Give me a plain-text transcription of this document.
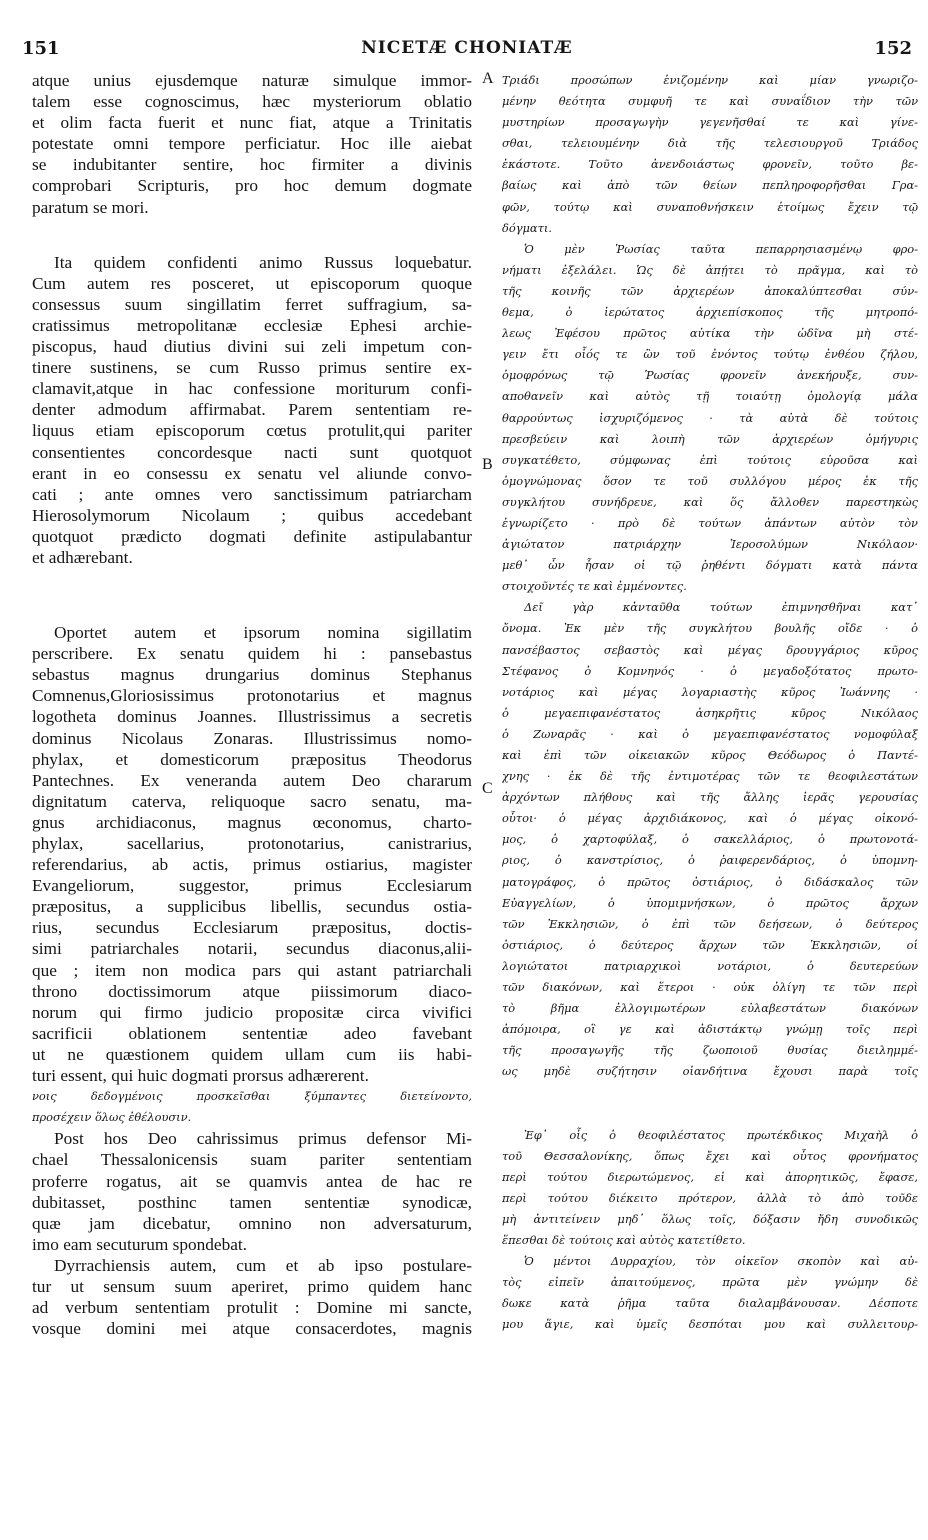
151	NICETÆ CHONIATÆ	152
A
B
C
atque unius ejusdemque naturæ simulque immor-
talem esse cognoscimus, hæc mysteriorum oblatio
et olim facta fuerit et nunc fiat, atque a Trinitatis
potestate omni tempore perficiatur. Hoc ille aiebat
se indubitanter sentire, hoc firmiter a divinis
comprobari Scripturis, pro hoc demum dogmate
paratum se mori.
Ita quidem confidenti animo Russus loquebatur.
Cum autem res posceret, ut episcoporum quoque
consessus suum singillatim ferret suffragium, sa-
cratissimus metropolitanæ ecclesiæ Ephesi archie-
piscopus, haud diutius divini sui zeli impetum con-
tinere sustinens, se cum Russo primus sentire ex-
clamavit,atque in hac confessione moriturum confi-
denter admodum affirmabat. Parem sententiam re-
liquus etiam episcoporum cœtus protulit,qui pariter
consentientes concordesque nacti sunt quotquot
erant in eo consessu ex senatu vel aliunde convo-
cati ; ante omnes vero sanctissimum patriarcham
Hierosolymorum Nicolaum ; quibus accedebant
quotquot prædicto dogmati definite astipulabantur
et adhærebant.
Oportet autem et ipsorum nomina sigillatim
perscribere. Ex senatu quidem hi : pansebastus
sebastus magnus drungarius dominus Stephanus
Comnenus,Gloriosissimus protonotarius et magnus
logotheta dominus Joannes. Illustrissimus a secretis
dominus Nicolaus Zonaras. Illustrissimus nomo-
phylax, et domesticorum præpositus Theodorus
Pantechnes. Ex veneranda autem Deo chararum
dignitatum caterva, reliquoque sacro senatu, ma-
gnus archidiaconus, magnus œconomus, charto-
phylax, sacellarius, protonotarius, canistrarius,
referendarius, ab actis, primus ostiarius, magister
Evangeliorum, suggestor, primus Ecclesiarum
præpositus, a supplicibus libellis, secundus ostia-
rius, secundus Ecclesiarum præpositus, doctis-
simi patriarchales notarii, secundus diaconus,alii-
que ; item non modica pars qui astant patriarchali
throno doctissimorum atque piissimorum diaco-
norum qui firmo judicio propositæ circa vivifici
sacrificii oblationem sententiæ adeo favebant
ut ne quæstionem quidem ullam cum iis habi-
turi essent, qui huic dogmati prorsus adhærerent.
νοις δεδογμένοις προσκεῖσθαι ξύμπαντες διετείνοντο,
προσέχειν ὅλως ἐθέλουσιν.
Post hos Deo cahrissimus primus defensor Mi-
chael Thessalonicensis suam pariter sententiam
proferre rogatus, ait se quamvis antea de hac re
dubitasset, posthinc tamen sententiæ synodicæ,
quæ jam dicebatur, omnino non adversaturum,
imo eam secuturum spondebat.
Dyrrachiensis autem, cum et ab ipso postulare-
tur ut sensum suum aperiret, primo quidem hanc
ad verbum sententiam protulit : Domine mi sancte,
vosque domini mei atque consacerdotes, magnis
Τριάδι προσώπων ἑνιζομένην καὶ μίαν γνωριζο-
μένην θεότητα συμφυῆ τε καὶ συναΐδιον τὴν τῶν
μυστηρίων προσαγωγὴν γεγενῆσθαί τε καὶ γίνε-
σθαι, τελειουμένην διὰ τῆς τελεσιουργοῦ Τριάδος
ἑκάστοτε. Τοῦτο ἀνενδοιάστως φρονεῖν, τοῦτο βε-
βαίως καὶ ἀπὸ τῶν θείων πεπληροφορῆσθαι Γρα-
φῶν, τούτῳ καὶ συναποθνήσκειν ἑτοίμως ἔχειν τῷ
δόγματι.
Ὁ μὲν Ῥωσίας ταῦτα πεπαρρησιασμένῳ φρο-
νήματι ἐξελάλει. Ὡς δὲ ἀπῄτει τὸ πρᾶγμα, καὶ τὸ
τῆς κοινῆς τῶν ἀρχιερέων ἀποκαλύπτεσθαι σύν-
θεμα, ὁ ἱερώτατος ἀρχιεπίσκοπος τῆς μητροπό-
λεως Ἐφέσου πρῶτος αὐτίκα τὴν ὠδῖνα μὴ στέ-
γειν ἔτι οἷός τε ὢν τοῦ ἐνόντος τούτῳ ἐνθέου ζήλου,
ὁμοφρόνως τῷ Ῥωσίας φρονεῖν ἀνεκήρυξε, συν-
αποθανεῖν καὶ αὐτὸς τῇ τοιαύτῃ ὁμολογίᾳ μάλα
θαρρούντως ἰσχυριζόμενος · τὰ αὐτὰ δὲ τούτοις
πρεσβεύειν καὶ λοιπὴ τῶν ἀρχιερέων ὁμήγυρις
συγκατέθετο, σύμφωνας ἐπὶ τούτοις εὑροῦσα καὶ
ὁμογνώμονας ὅσον τε τοῦ συλλόγου μέρος ἐκ τῆς
συγκλήτου συνήδρευε, καὶ ὅς ἄλλοθεν παρεστηκὼς
ἐγνωρίζετο · πρὸ δὲ τούτων ἁπάντων αὐτὸν τὸν
ἁγιώτατον πατριάρχην Ἱεροσολύμων Νικόλαον·
μεθ᾽ ὧν ἦσαν οἱ τῷ ῥηθέντι δόγματι κατὰ πάντα
στοιχοῦντές τε καὶ ἐμμένοντες.
Δεῖ γὰρ κἀνταῦθα τούτων ἐπιμνησθῆναι κατ᾽
ὄνομα. Ἐκ μὲν τῆς συγκλήτου βουλῆς οἴδε · ὁ
πανσέβαστος σεβαστὸς καὶ μέγας δρουγγάριος κῦρος
Στέφανος ὁ Κομνηνός · ὁ μεγαδοξότατος πρωτο-
νοτάριος καὶ μέγας λογαριαστὴς κῦρος Ἰωάννης ·
ὁ μεγαεπιφανέστατος ἀσηκρῆτις κῦρος Νικόλαος
ὁ Ζωναρᾶς · καὶ ὁ μεγαεπιφανέστατος νομοφύλαξ
καὶ ἐπὶ τῶν οἰκειακῶν κῦρος Θεόδωρος ὁ Παντέ-
χνης · ἐκ δὲ τῆς ἐντιμοτέρας τῶν τε θεοφιλεστάτων
ἀρχόντων πλήθους καὶ τῆς ἄλλης ἱερᾶς γερουσίας
οὗτοι· ὁ μέγας ἀρχιδιάκονος, καὶ ὁ μέγας οἰκονό-
μος, ὁ χαρτοφύλαξ, ὁ σακελλάριος, ὁ πρωτονοτά-
ριος, ὁ κανστρίσιος, ὁ ῥαιφερενδάριος, ὁ ὑπομνη-
ματογράφος, ὁ πρῶτος ὀστιάριος, ὁ διδάσκαλος τῶν
Εὐαγγελίων, ὁ ὑπομιμνήσκων, ὁ πρῶτος ἄρχων
τῶν Ἐκκλησιῶν, ὁ ἐπὶ τῶν δεήσεων, ὁ δεύτερος
ὀστιάριος, ὁ δεύτερος ἄρχων τῶν Ἐκκλησιῶν, οἱ
λογιώτατοι πατριαρχικοὶ νοτάριοι, ὁ δευτερεύων
τῶν διακόνων, καὶ ἕτεροι · οὐκ ὀλίγη τε τῶν περὶ
τὸ βῆμα ἐλλογιμωτέρων εὐλαβεστάτων διακόνων
ἀπόμοιρα, οἳ γε καὶ ἀδιστάκτῳ γνώμῃ τοῖς περὶ
τῆς προσαγωγῆς τῆς ζωοποιοῦ θυσίας διειλημμέ-
ως μηδὲ συζήτησιν οἱανδήτινα ἔχουσι παρὰ τοῖς
Ἐφ᾽ οἷς ὁ θεοφιλέστατος πρωτέκδικος Μιχαὴλ ὁ
τοῦ Θεσσαλονίκης, ὅπως ἔχει καὶ οὗτος φρονήματος
περὶ τούτου διερωτώμενος, εἰ καὶ ἀπορητικῶς, ἔφασε,
περὶ τούτου διέκειτο πρότερον, ἀλλὰ τὸ ἀπὸ τοῦδε
μὴ ἀντιτείνειν μηδ᾽ ὅλως τοῖς, δόξασιν ἤδη συνοδικῶς
ἕπεσθαι δὲ τούτοις καὶ αὐτὸς κατετίθετο.
Ὁ μέντοι Δυρραχίου, τὸν οἰκεῖον σκοπὸν καὶ αὐ-
τὸς εἰπεῖν ἀπαιτούμενος, πρῶτα μὲν γνώμην δὲ
δωκε κατὰ ῥῆμα ταῦτα διαλαμβάνουσαν. Δέσποτε
μου ἅγιε, καὶ ὑμεῖς δεσπόται μου καὶ συλλειτουρ-
